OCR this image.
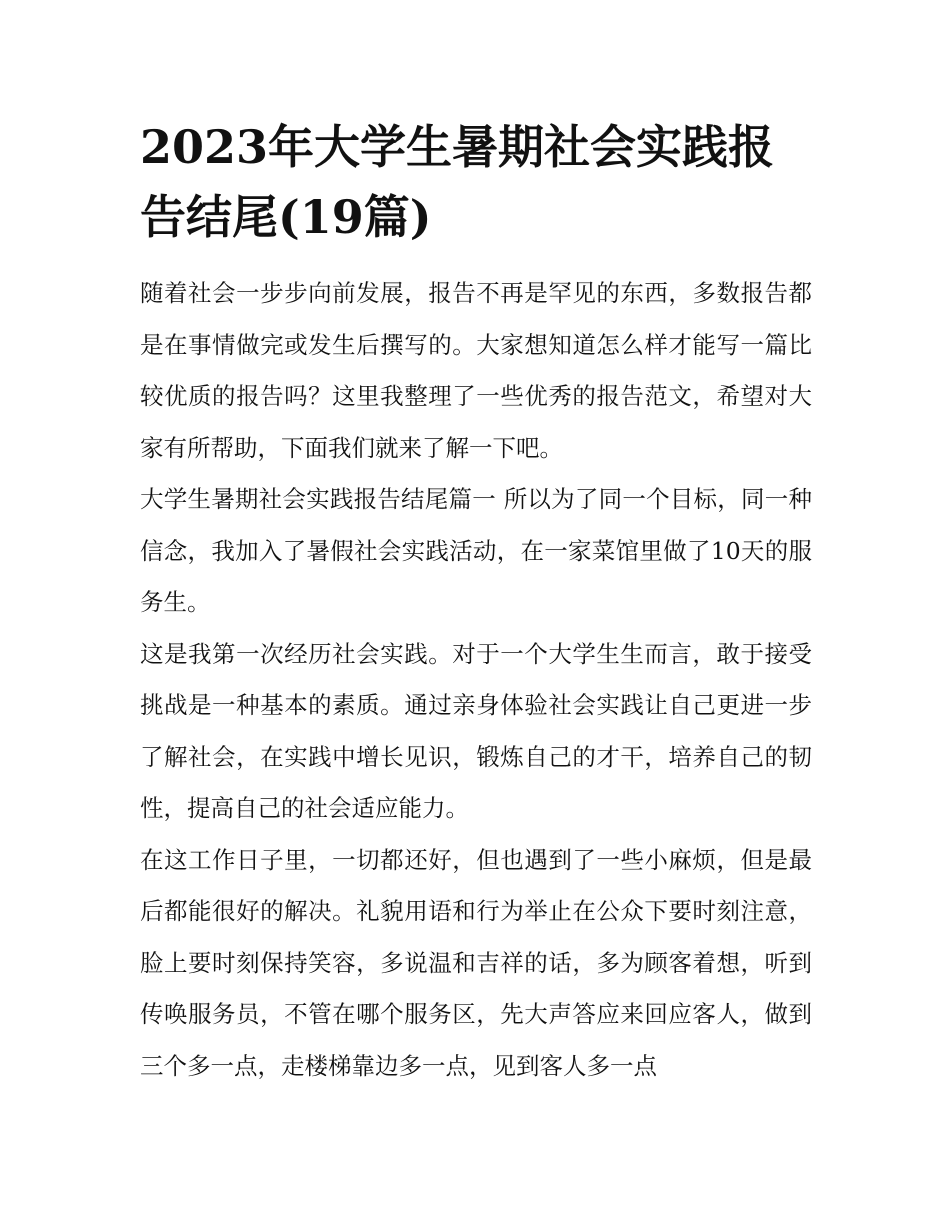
2023年大学生暑期社会实践报告结尾(19篇)

随着社会一步步向前发展，报告不再是罕见的东西，多数报告都是在事情做完或发生后撰写的。大家想知道怎么样才能写一篇比较优质的报告吗？这里我整理了一些优秀的报告范文，希望对大家有所帮助，下面我们就来了解一下吧。

大学生暑期社会实践报告结尾篇一 所以为了同一个目标，同一种信念，我加入了暑假社会实践活动，在一家菜馆里做了10天的服务生。

这是我第一次经历社会实践。对于一个大学生生而言，敢于接受挑战是一种基本的素质。通过亲身体验社会实践让自己更进一步了解社会，在实践中增长见识，锻炼自己的才干，培养自己的韧性，提高自己的社会适应能力。

在这工作日子里，一切都还好，但也遇到了一些小麻烦，但是最后都能很好的解决。礼貌用语和行为举止在公众下要时刻注意，脸上要时刻保持笑容，多说温和吉祥的话，多为顾客着想，听到传唤服务员，不管在哪个服务区，先大声答应来回应客人，做到三个多一点，走楼梯靠边多一点，见到客人多一点
